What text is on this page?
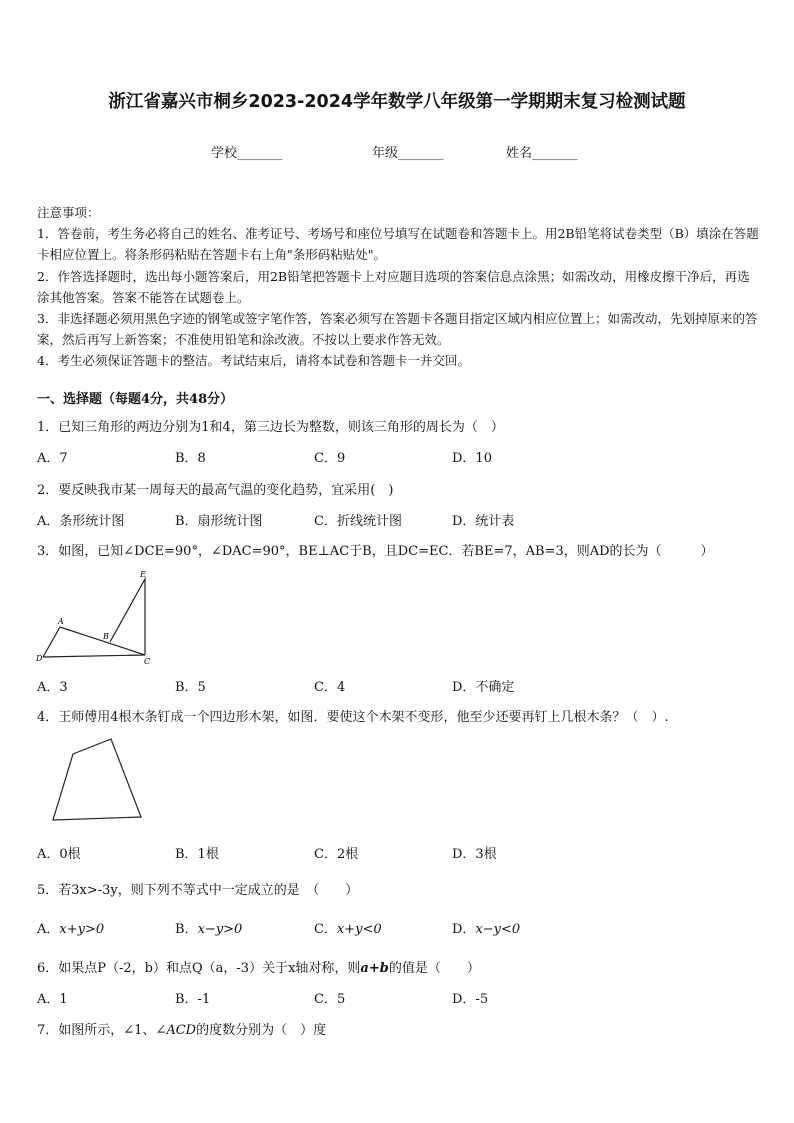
浙江省嘉兴市桐乡2023-2024学年数学八年级第一学期期末复习检测试题
学校_______	年级_______	姓名_______

注意事项：

1．答卷前，考生务必将自己的姓名、准考证号、考场号和座位号填写在试题卷和答题卡上。用2B铅笔将试卷类型（B）填涂在答题卡相应位置上。将条形码粘贴在答题卡右上角"条形码粘贴处"。

2．作答选择题时，选出每小题答案后，用2B铅笔把答题卡上对应题目选项的答案信息点涂黑；如需改动，用橡皮擦干净后，再选涂其他答案。答案不能答在试题卷上。

3．非选择题必须用黑色字迹的钢笔或签字笔作答，答案必须写在答题卡各题目指定区域内相应位置上；如需改动，先划掉原来的答案，然后再写上新答案；不准使用铅笔和涂改液。不按以上要求作答无效。

4．考生必须保证答题卡的整洁。考试结束后，请将本试卷和答题卡一并交回。

一、选择题（每题4分，共48分）
1．已知三角形的两边分别为1和4，第三边长为整数，则该三角形的周长为（　）
A．7	B．8	C．9	D．10
2．要反映我市某一周每天的最高气温的变化趋势，宜采用(　)
A．条形统计图	B．扇形统计图	C．折线统计图	D．统计表
3．如图，已知∠DCE=90°，∠DAC=90°，BE⊥AC于B，且DC=EC．若BE=7，AB=3，则AD的长为（　　　）
E
A
B
D	C
A．3	B．5	C．4	D．不确定
4．王师傅用4根木条钉成一个四边形木架，如图．要使这个木架不变形，他至少还要再钉上几根木条？（　）.
A．0根	B．1根	C．2根	D．3根
5．若3x>-3y，则下列不等式中一定成立的是　（　　）
A．x+y>0	B．x−y>0	C．x+y<0	D．x−y<0
6．如果点P（-2，b）和点Q（a，-3）关于x轴对称，则a+b的值是（　　）
A．1	B．-1	C．5	D．-5
7．如图所示，∠1、∠ACD的度数分别为（　）度
